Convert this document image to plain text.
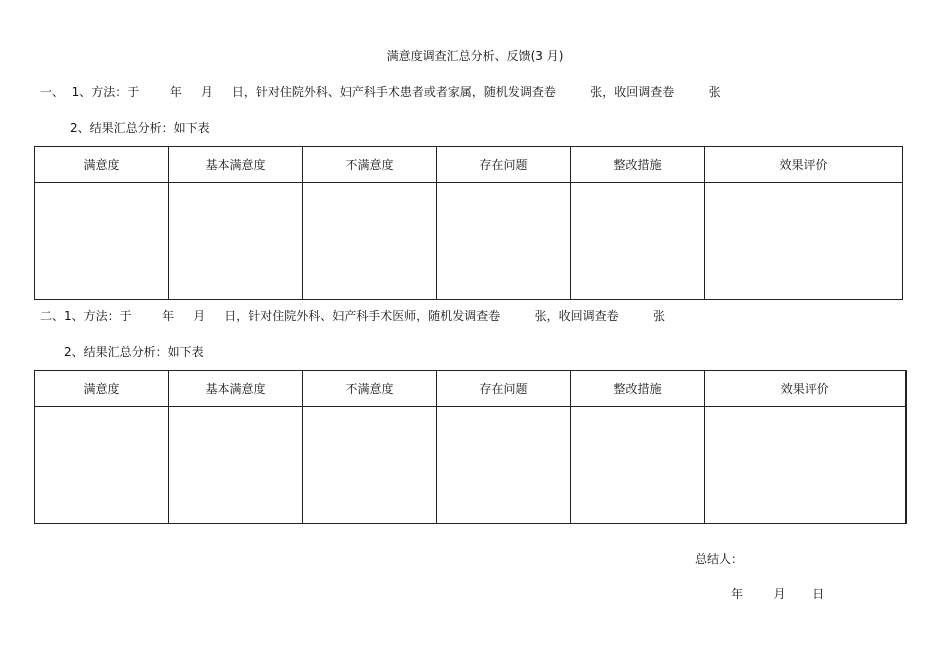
满意度调查汇总分析、反馈(3 月)
一、  1、方法：于        年     月     日，针对住院外科、妇产科手术患者或者家属，随机发调查卷         张，收回调查卷         张
2、结果汇总分析：如下表
满意度	基本满意度	不满意度	存在问题	整改措施	效果评价

二、1、方法：于        年     月     日，针对住院外科、妇产科手术医师，随机发调查卷         张，收回调查卷         张
2、结果汇总分析：如下表
满意度	基本满意度	不满意度	存在问题	整改措施	效果评价

总结人：
年        月       日
